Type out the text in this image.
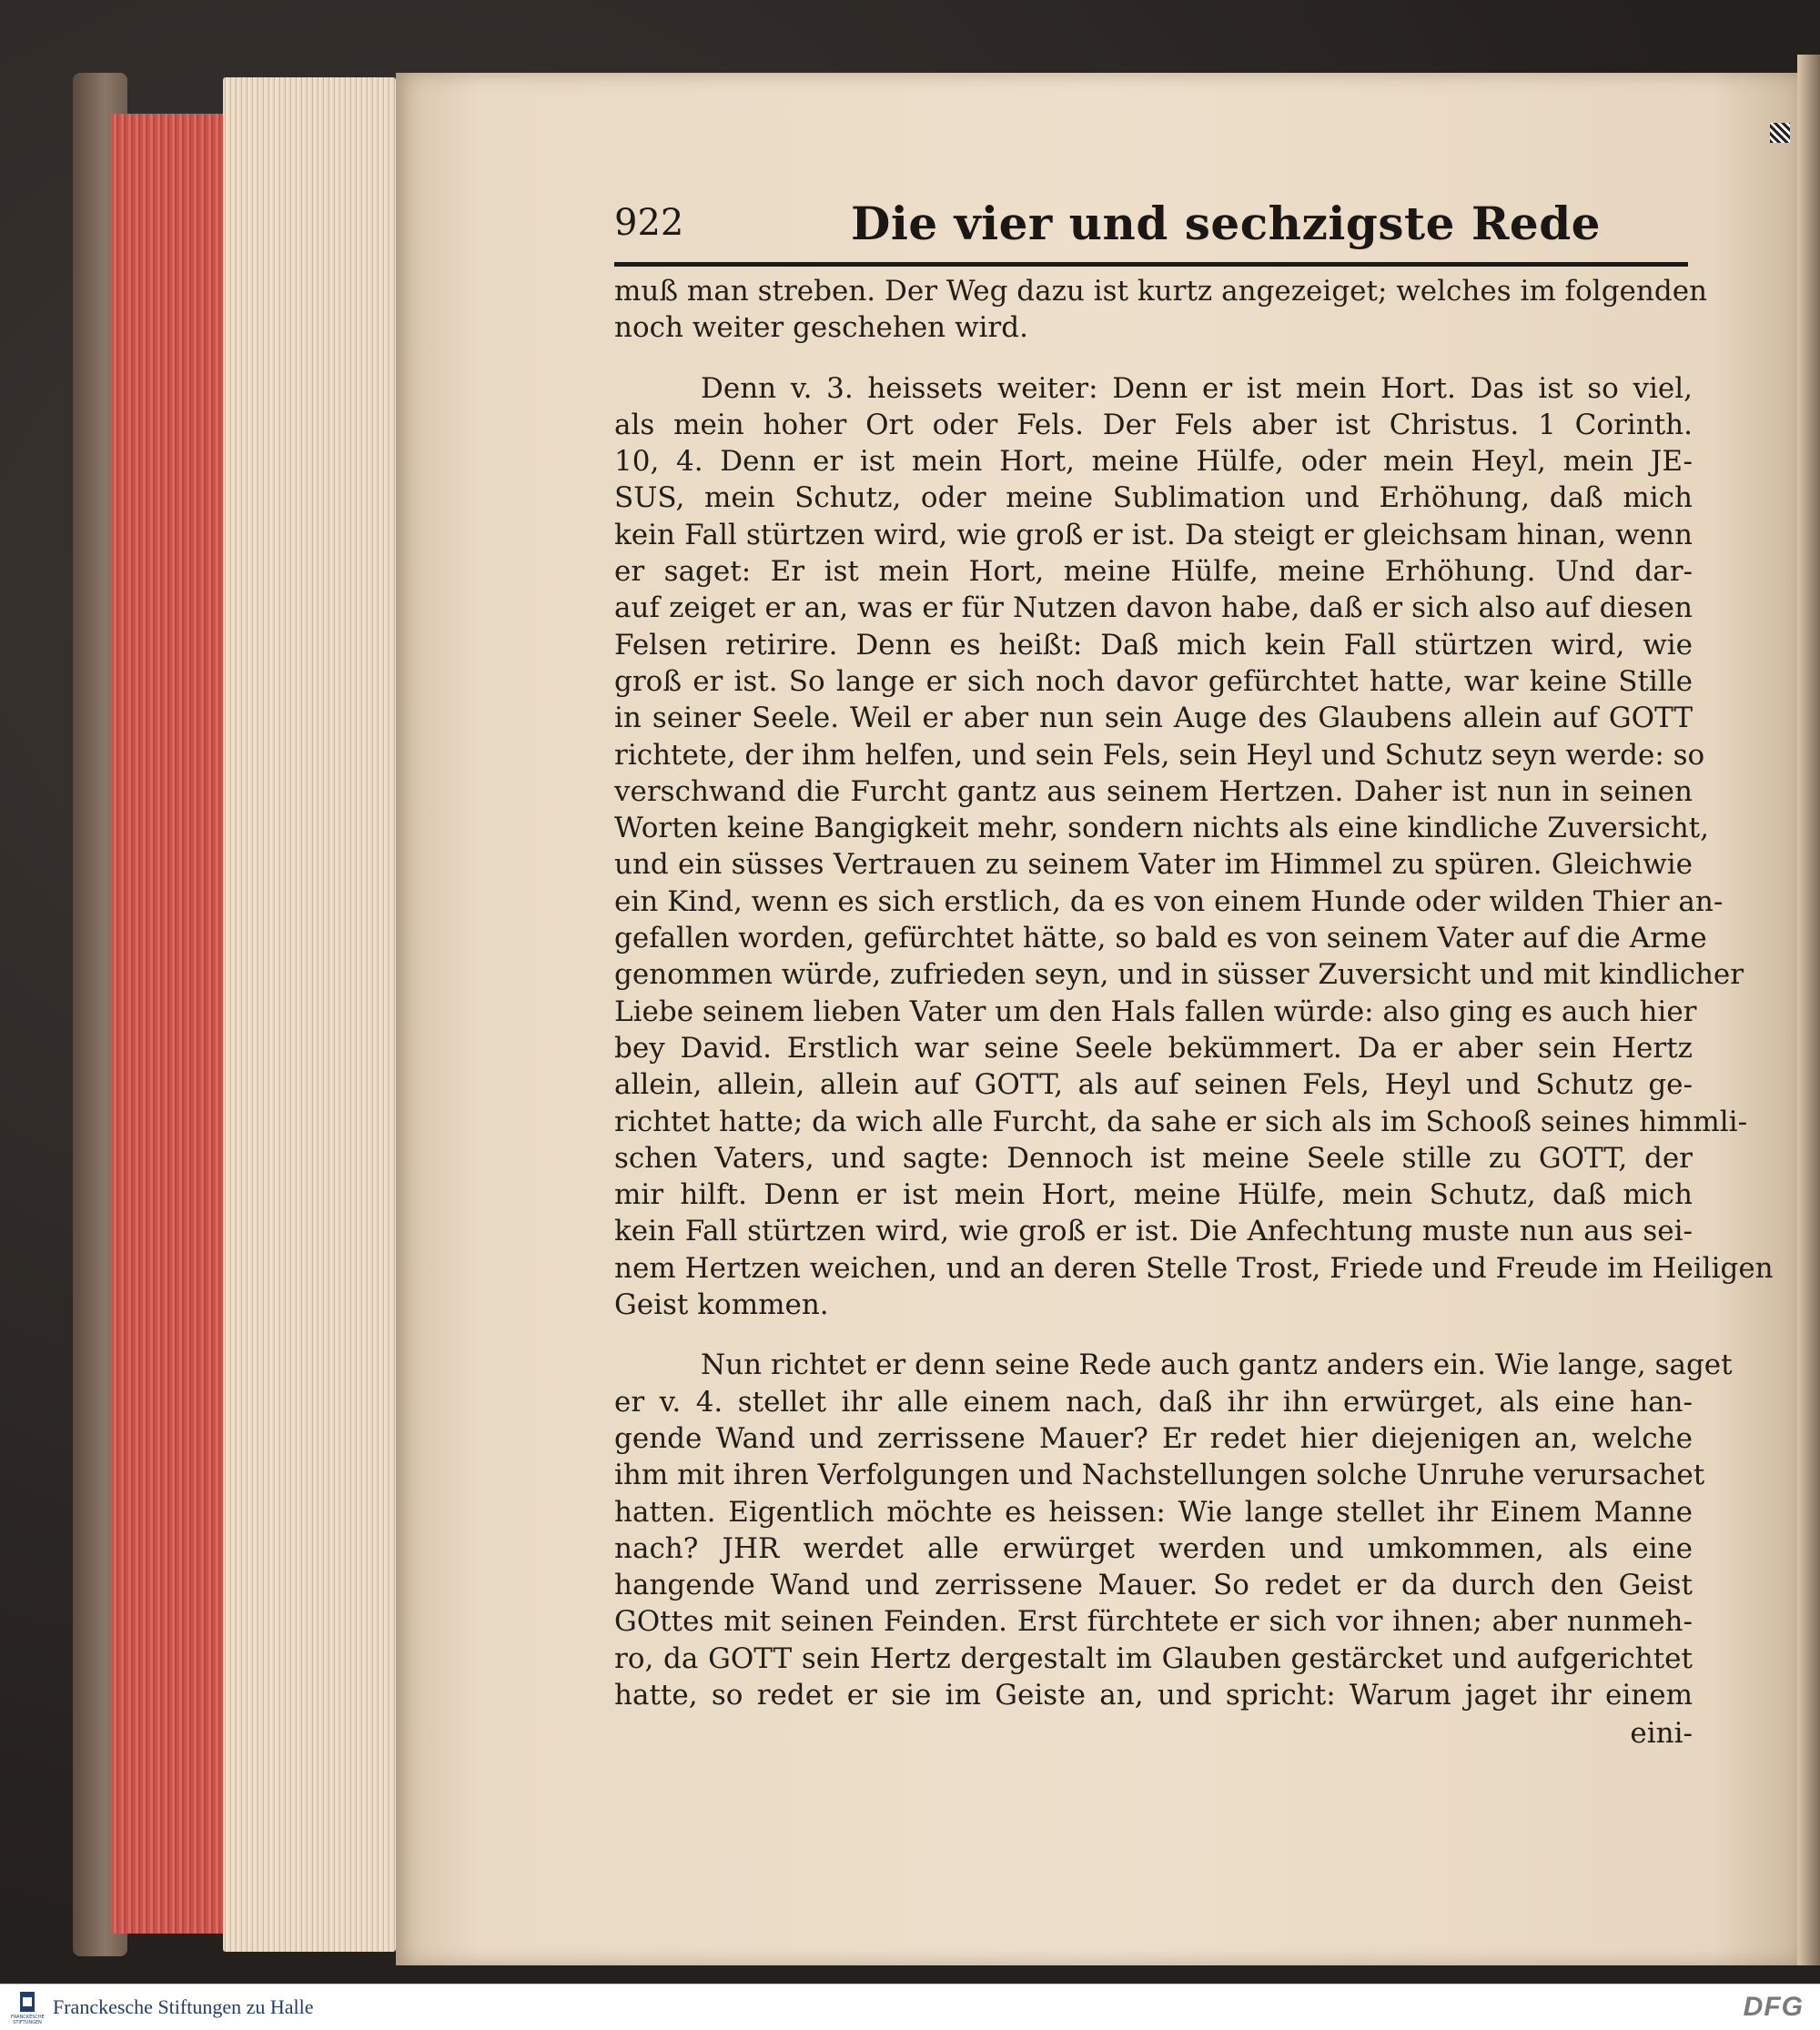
922	Die vier und sechzigste Rede
muß man streben. Der Weg dazu ist kurtz angezeiget; welches im folgenden
noch weiter geschehen wird.
Denn v. 3. heissets weiter: Denn er ist mein Hort. Das ist so viel,
als mein hoher Ort oder Fels. Der Fels aber ist Christus. 1 Corinth.
10, 4. Denn er ist mein Hort, meine Hülfe, oder mein Heyl, mein JE-
SUS, mein Schutz, oder meine Sublimation und Erhöhung, daß mich
kein Fall stürtzen wird, wie groß er ist. Da steigt er gleichsam hinan, wenn
er saget: Er ist mein Hort, meine Hülfe, meine Erhöhung. Und dar-
auf zeiget er an, was er für Nutzen davon habe, daß er sich also auf diesen
Felsen retirire. Denn es heißt: Daß mich kein Fall stürtzen wird, wie
groß er ist. So lange er sich noch davor gefürchtet hatte, war keine Stille
in seiner Seele. Weil er aber nun sein Auge des Glaubens allein auf GOTT
richtete, der ihm helfen, und sein Fels, sein Heyl und Schutz seyn werde: so
verschwand die Furcht gantz aus seinem Hertzen. Daher ist nun in seinen
Worten keine Bangigkeit mehr, sondern nichts als eine kindliche Zuversicht,
und ein süsses Vertrauen zu seinem Vater im Himmel zu spüren. Gleichwie
ein Kind, wenn es sich erstlich, da es von einem Hunde oder wilden Thier an-
gefallen worden, gefürchtet hätte, so bald es von seinem Vater auf die Arme
genommen würde, zufrieden seyn, und in süsser Zuversicht und mit kindlicher
Liebe seinem lieben Vater um den Hals fallen würde: also ging es auch hier
bey David. Erstlich war seine Seele bekümmert. Da er aber sein Hertz
allein, allein, allein auf GOTT, als auf seinen Fels, Heyl und Schutz ge-
richtet hatte; da wich alle Furcht, da sahe er sich als im Schooß seines himmli-
schen Vaters, und sagte: Dennoch ist meine Seele stille zu GOTT, der
mir hilft. Denn er ist mein Hort, meine Hülfe, mein Schutz, daß mich
kein Fall stürtzen wird, wie groß er ist. Die Anfechtung muste nun aus sei-
nem Hertzen weichen, und an deren Stelle Trost, Friede und Freude im Heiligen
Geist kommen.
Nun richtet er denn seine Rede auch gantz anders ein. Wie lange, saget
er v. 4. stellet ihr alle einem nach, daß ihr ihn erwürget, als eine han-
gende Wand und zerrissene Mauer? Er redet hier diejenigen an, welche
ihm mit ihren Verfolgungen und Nachstellungen solche Unruhe verursachet
hatten. Eigentlich möchte es heissen: Wie lange stellet ihr Einem Manne
nach? JHR werdet alle erwürget werden und umkommen, als eine
hangende Wand und zerrissene Mauer. So redet er da durch den Geist
GOttes mit seinen Feinden. Erst fürchtete er sich vor ihnen; aber nunmeh-
ro, da GOTT sein Hertz dergestalt im Glauben gestärcket und aufgerichtet
hatte, so redet er sie im Geiste an, und spricht: Warum jaget ihr einem
eini-
FRANCKESCHE STIFTUNGEN
Franckesche Stiftungen zu Halle	DFG
